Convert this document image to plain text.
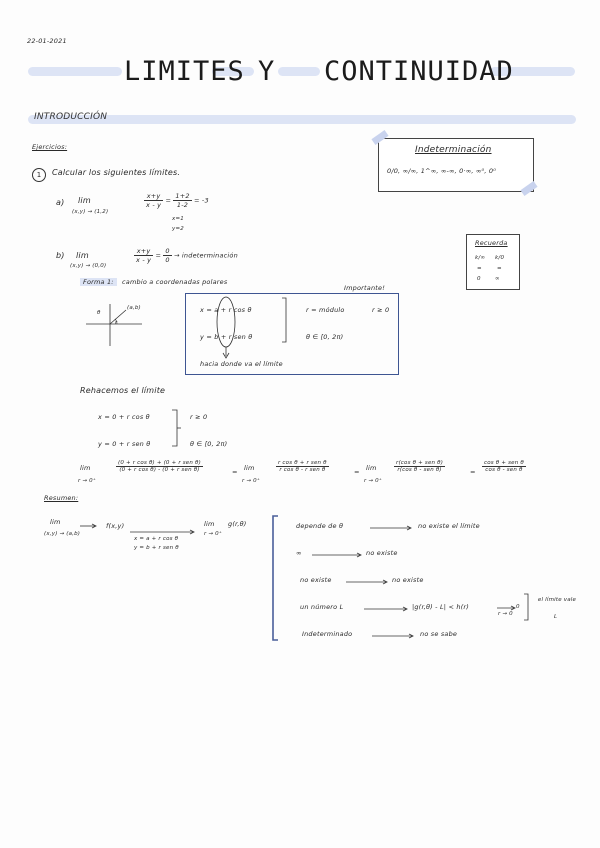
22-01-2021
LIMITES Y CONTINUIDAD
INTRODUCCIÓN
Ejercicios:
1	Calcular los siguientes límites.
a) lim
(x,y) → (1,2)
$\frac{x+y}{x - y} = \frac{1+2}{1-2} = -3$
x=1
y=2
b) lim
(x,y) → (0,0)
$\frac{x+y}{x - y} = \frac{0}{0}$ → indeterminación
Indeterminación
0/0, ∞/∞, 1^∞, ∞-∞, 0·∞, ∞⁰, 0⁰
Recuerda
k/∞ k/0
=	=
0	∞
Forma 1:	cambio a coordenadas polares
Importante!
(a,b)
r
θ	x = a + r cos θ
y = b + r sen θ
r = módulo	r ≥ 0
θ ∈ [0, 2π)
hacia donde va el límite
Rehacemos el límite
x = 0 + r cos θ
y = 0 + r sen θ
r ≥ 0
θ ∈ [0, 2π)
lim
r → 0⁺
$\frac{\text{(0 + r cos θ) + (0 + r sen θ)}}{\text{(0 + r cos θ) - (0 + r sen θ)}}$	= lim
r → 0⁺
$\frac{\text{r cos θ + r sen θ}}{\text{r cos θ - r sen θ}}$	= lim
r → 0⁺
$\frac{\text{r(cos θ + sen θ)}}{\text{r(cos θ - sen θ)}}$	= $\frac{\text{cos θ + sen θ}}{\text{cos θ - sen θ}}$
Resumen:
lim
(x,y) → (a,b)
f(x,y)
x = a + r cos θ
y = b + r sen θ
lim
r → 0⁺
g(r,θ)	depende de θ	no existe el límite
∞	no existe
no existe	no existe
un número L	|g(r,θ) - L| < h(r)
r → 0
0
el límite vale
L
Indeterminado	no se sabe
